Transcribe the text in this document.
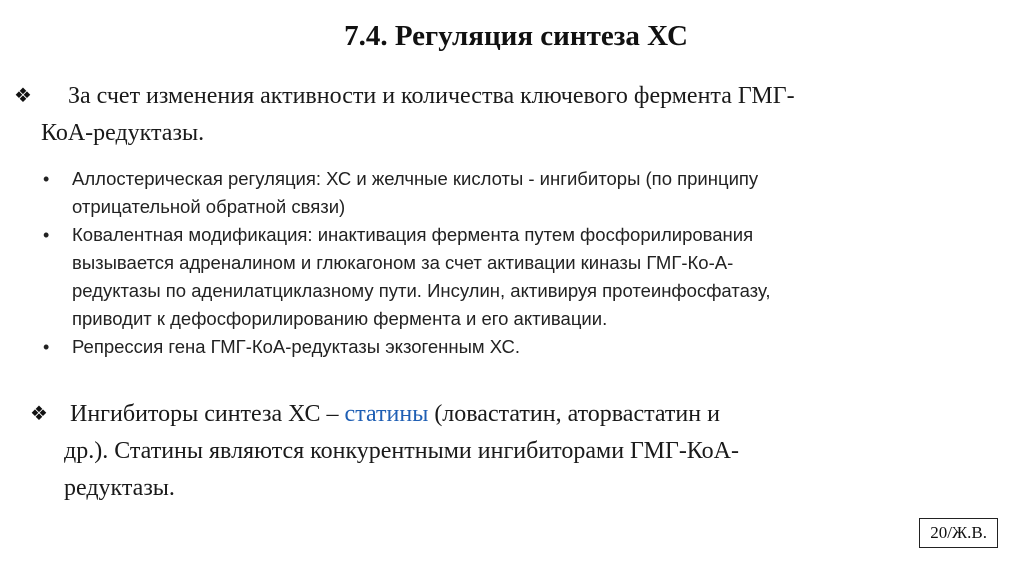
7.4. Регуляция синтеза ХС
❖ За счет изменения активности и количества ключевого фермента ГМГ-
КоА-редуктазы.
• Аллостерическая регуляция: ХС и желчные кислоты - ингибиторы (по принципу
отрицательной обратной связи)
• Ковалентная модификация: инактивация фермента путем фосфорилирования
вызывается адреналином и глюкагоном за счет активации киназы ГМГ-Ко-А-
редуктазы по аденилатциклазному пути. Инсулин, активируя протеинфосфатазу,
приводит к дефосфорилированию фермента и его активации.
• Репрессия гена ГМГ-КоА-редуктазы экзогенным ХС.
❖ Ингибиторы синтеза ХС – статины (ловастатин, аторвастатин и
др.). Статины являются конкурентными ингибиторами ГМГ-КоА-
редуктазы.
20/Ж.В.
